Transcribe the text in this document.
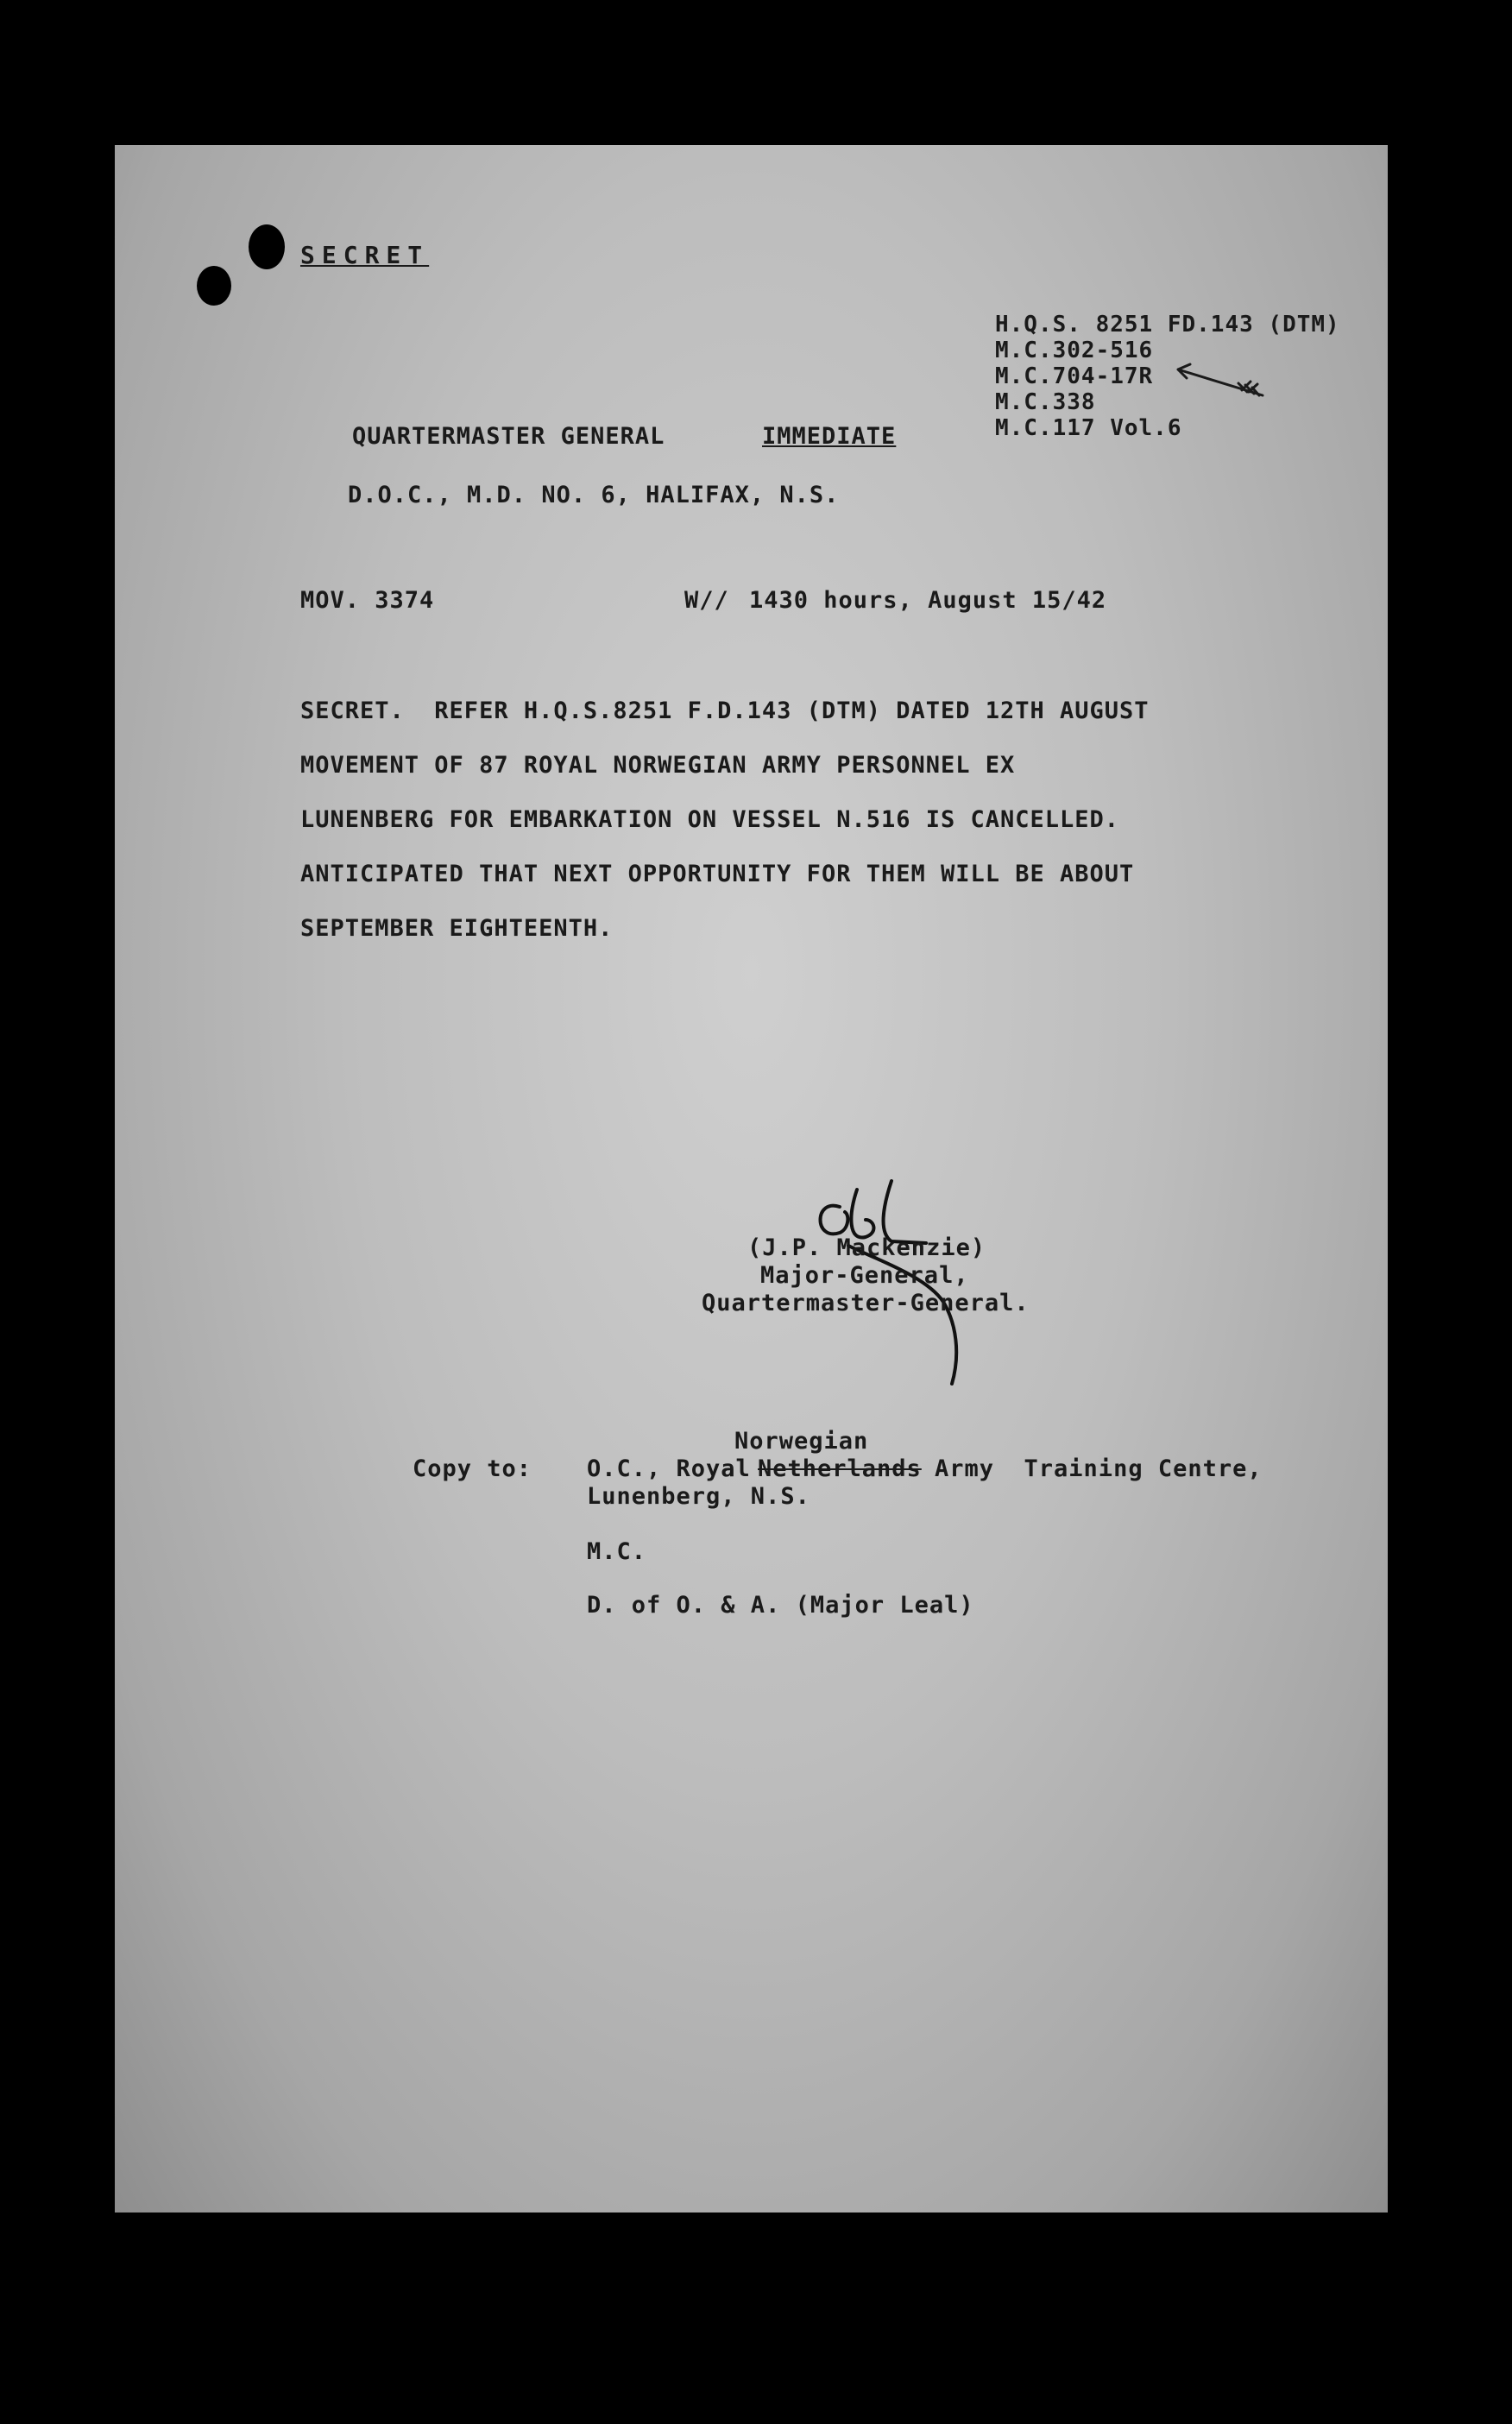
SECRET
H.Q.S. 8251 FD.143 (DTM)
M.C.302-516
M.C.704-17R
M.C.338
M.C.117 Vol.6
QUARTERMASTER GENERAL	IMMEDIATE
D.O.C., M.D. NO. 6, HALIFAX, N.S.
MOV. 3374	W// 1430 hours, August 15/42
SECRET.  REFER H.Q.S.8251 F.D.143 (DTM) DATED 12TH AUGUST
MOVEMENT OF 87 ROYAL NORWEGIAN ARMY PERSONNEL EX
LUNENBERG FOR EMBARKATION ON VESSEL N.516 IS CANCELLED.
ANTICIPATED THAT NEXT OPPORTUNITY FOR THEM WILL BE ABOUT
SEPTEMBER EIGHTEENTH.
(J.P. Mackenzie)
Major-General,
Quartermaster-General.
Norwegian
Copy to: O.C., Royal Netherlands Army  Training Centre,
Lunenberg, N.S.
M.C.
D. of O. & A. (Major Leal)
